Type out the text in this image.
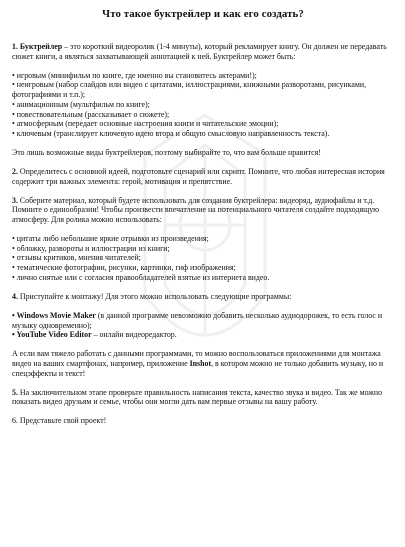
Что такое буктрейлер и как его создать?

1. Буктрейлер – это короткий видеоролик (1-4 минуты), который рекламирует книгу. Он должен не передавать сюжет книги, а являться захватывающей аннотацией к ней. Буктрейлер может быть:

• игровым (минифильм по книге, где именно вы становитесь актерами!);
• неигровым (набор слайдов или видео с цитатами, иллюстрациями, книжными разворотами, рисунками, фотографиями и т.п.);
• анимационным (мультфильм по книге);
• повествовательным (рассказывает о сюжете);
• атмосферным (передает основные настроения книги и читательские эмоции);
• ключевым (транслирует ключевую идею втора и общую смысловую направленность текста).

Это лишь возможные виды буктрейлеров, поэтому выбирайте то, что вам больше нравится!

2. Определитесь с основной идеей, подготовьте сценарий или скрипт. Помните, что любая интересная история содержит три важных элемента: герой, мотивация и препятствие.

3. Соберите материал, который будете использовать для создания буктрейлера: видеоряд, аудиофайлы и т.д. Помните о единообразии! Чтобы произвести впечатление на потенциального читателя создайте подходящую атмосферу. Для ролика можно использовать:

• цитаты либо небольшие яркие отрывки из произведения;
• обложку, развороты и иллюстрации из книги;
• отзывы критиков, мнения читателей;
• тематические фотографии, рисунки, картинки, гиф изображения;
• лично снятые или с согласия правообладателей взятые из интернета видео.

4. Приступайте к монтажу! Для этого можно использовать следующие программы:

• Windows Movie Maker (в данной программе невозможно добавить несколько аудиодорожек, то есть голос и музыку одновременно);
• YouTube Video Editor – онлайн видеоредактор.

А если вам тяжело работать с данными программами, то можно воспользоваться приложениями для монтажа видео на ваших смартфонах, например, приложение Inshot, в котором можно не только добавить музыку, но и спецэффекты и текст!

5. На заключительном этапе проверьте правильность написания текста, качество звука и видео. Так же можно показать видео друзьям и семье, чтобы они могли дать вам первые отзывы на вашу работу.

6. Представьте свой проект!
